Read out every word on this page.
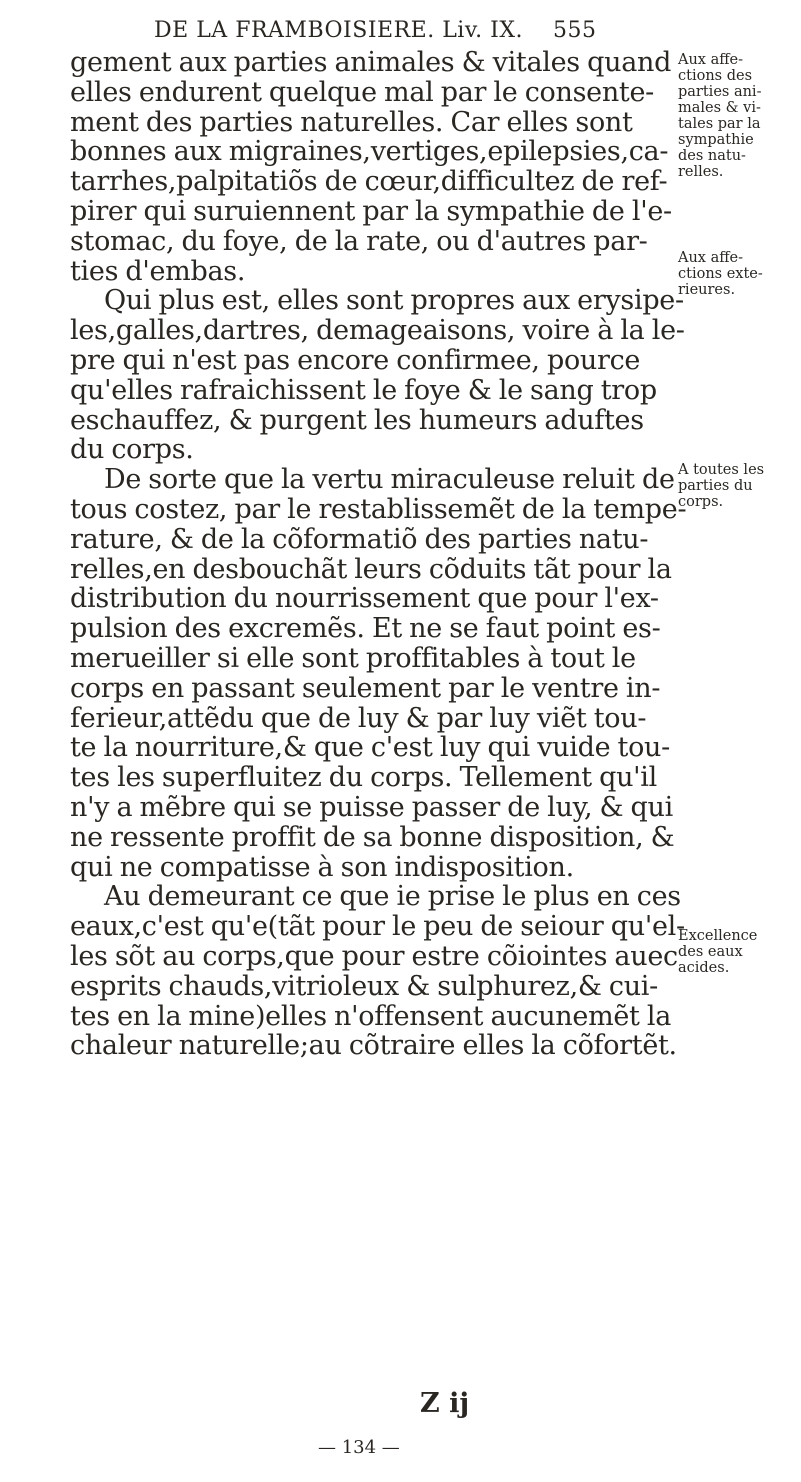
DE LA FRAMBOISIERE. Liv. IX. 555
gement aux parties animales & vitales quand
elles endurent quelque mal par le consente-
ment des parties naturelles. Car elles sont
bonnes aux migraines,vertiges,epilepsies,ca-
tarrhes,palpitatiõs de cœur,difficultez de ref-
pirer qui suruiennent par la sympathie de l'e-
stomac, du foye, de la rate, ou d'autres par-
ties d'embas.
Qui plus est, elles sont propres aux erysipe-
les,galles,dartres, demageaisons, voire à la le-
pre qui n'est pas encore confirmee, pource
qu'elles rafraichissent le foye & le sang trop
eschauffez, & purgent les humeurs aduftes
du corps.
De sorte que la vertu miraculeuse reluit de
tous costez, par le restablissemẽt de la tempe-
rature, & de la cõformatiõ des parties natu-
relles,en desbouchãt leurs cõduits tãt pour la
distribution du nourrissement que pour l'ex-
pulsion des excremẽs. Et ne se faut point es-
merueiller si elle sont proffitables à tout le
corps en passant seulement par le ventre in-
ferieur,attẽdu que de luy & par luy viẽt tou-
te la nourriture,& que c'est luy qui vuide tou-
tes les superfluitez du corps. Tellement qu'il
n'y a mẽbre qui se puisse passer de luy, & qui
ne ressente proffit de sa bonne disposition, &
qui ne compatisse à son indisposition.
Au demeurant ce que ie prise le plus en ces
eaux,c'est qu'e(tãt pour le peu de seiour qu'el-
les sõt au corps,que pour estre cõiointes auec
esprits chauds,vitrioleux & sulphurez,& cui-
tes en la mine)elles n'offensent aucunemẽt la
chaleur naturelle;au cõtraire elles la cõfortẽt.
Aux affe-
ctions des
parties ani-
males & vi-
tales par la
sympathie
des natu-
relles.
Aux affe-
ctions exte-
rieures.
A toutes les
parties du
corps.
Excellence
des eaux
acides.
Z ij
— 134 —
